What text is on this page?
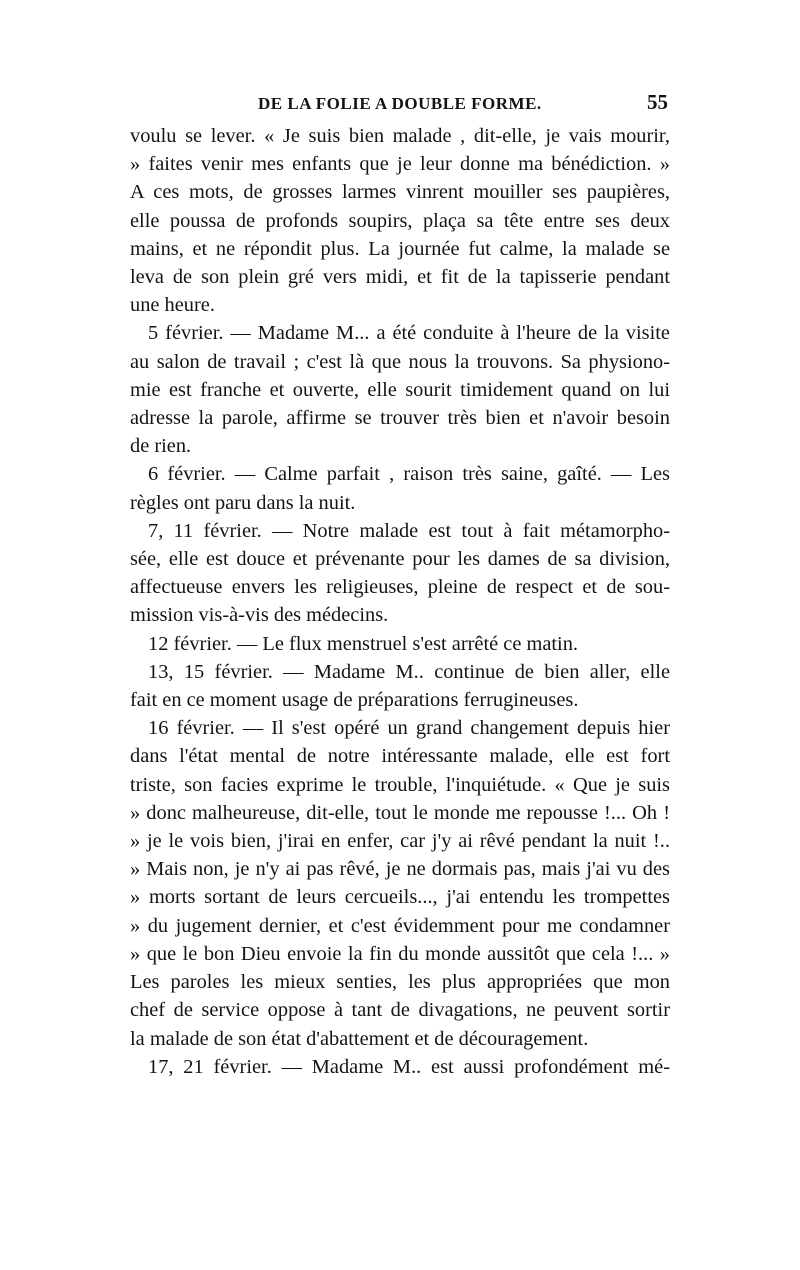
DE LA FOLIE A DOUBLE FORME.	55
voulu se lever. « Je suis bien malade , dit-elle, je vais mourir,
» faites venir mes enfants que je leur donne ma bénédiction. »
A ces mots, de grosses larmes vinrent mouiller ses paupières,
elle poussa de profonds soupirs, plaça sa tête entre ses deux
mains, et ne répondit plus. La journée fut calme, la malade se
leva de son plein gré vers midi, et fit de la tapisserie pendant
une heure.
5 février. — Madame M... a été conduite à l'heure de la visite
au salon de travail ; c'est là que nous la trouvons. Sa physiono-
mie est franche et ouverte, elle sourit timidement quand on lui
adresse la parole, affirme se trouver très bien et n'avoir besoin
de rien.
6 février. — Calme parfait , raison très saine, gaîté. — Les
règles ont paru dans la nuit.
7, 11 février. — Notre malade est tout à fait métamorpho-
sée, elle est douce et prévenante pour les dames de sa division,
affectueuse envers les religieuses, pleine de respect et de sou-
mission vis-à-vis des médecins.
12 février. — Le flux menstruel s'est arrêté ce matin.
13, 15 février. — Madame M.. continue de bien aller, elle
fait en ce moment usage de préparations ferrugineuses.
16 février. — Il s'est opéré un grand changement depuis hier
dans l'état mental de notre intéressante malade, elle est fort
triste, son facies exprime le trouble, l'inquiétude. « Que je suis
» donc malheureuse, dit-elle, tout le monde me repousse !... Oh !
» je le vois bien, j'irai en enfer, car j'y ai rêvé pendant la nuit !..
» Mais non, je n'y ai pas rêvé, je ne dormais pas, mais j'ai vu des
» morts sortant de leurs cercueils..., j'ai entendu les trompettes
» du jugement dernier, et c'est évidemment pour me condamner
» que le bon Dieu envoie la fin du monde aussitôt que cela !... »
Les paroles les mieux senties, les plus appropriées que mon
chef de service oppose à tant de divagations, ne peuvent sortir
la malade de son état d'abattement et de découragement.
17, 21 février. — Madame M.. est aussi profondément mé-
